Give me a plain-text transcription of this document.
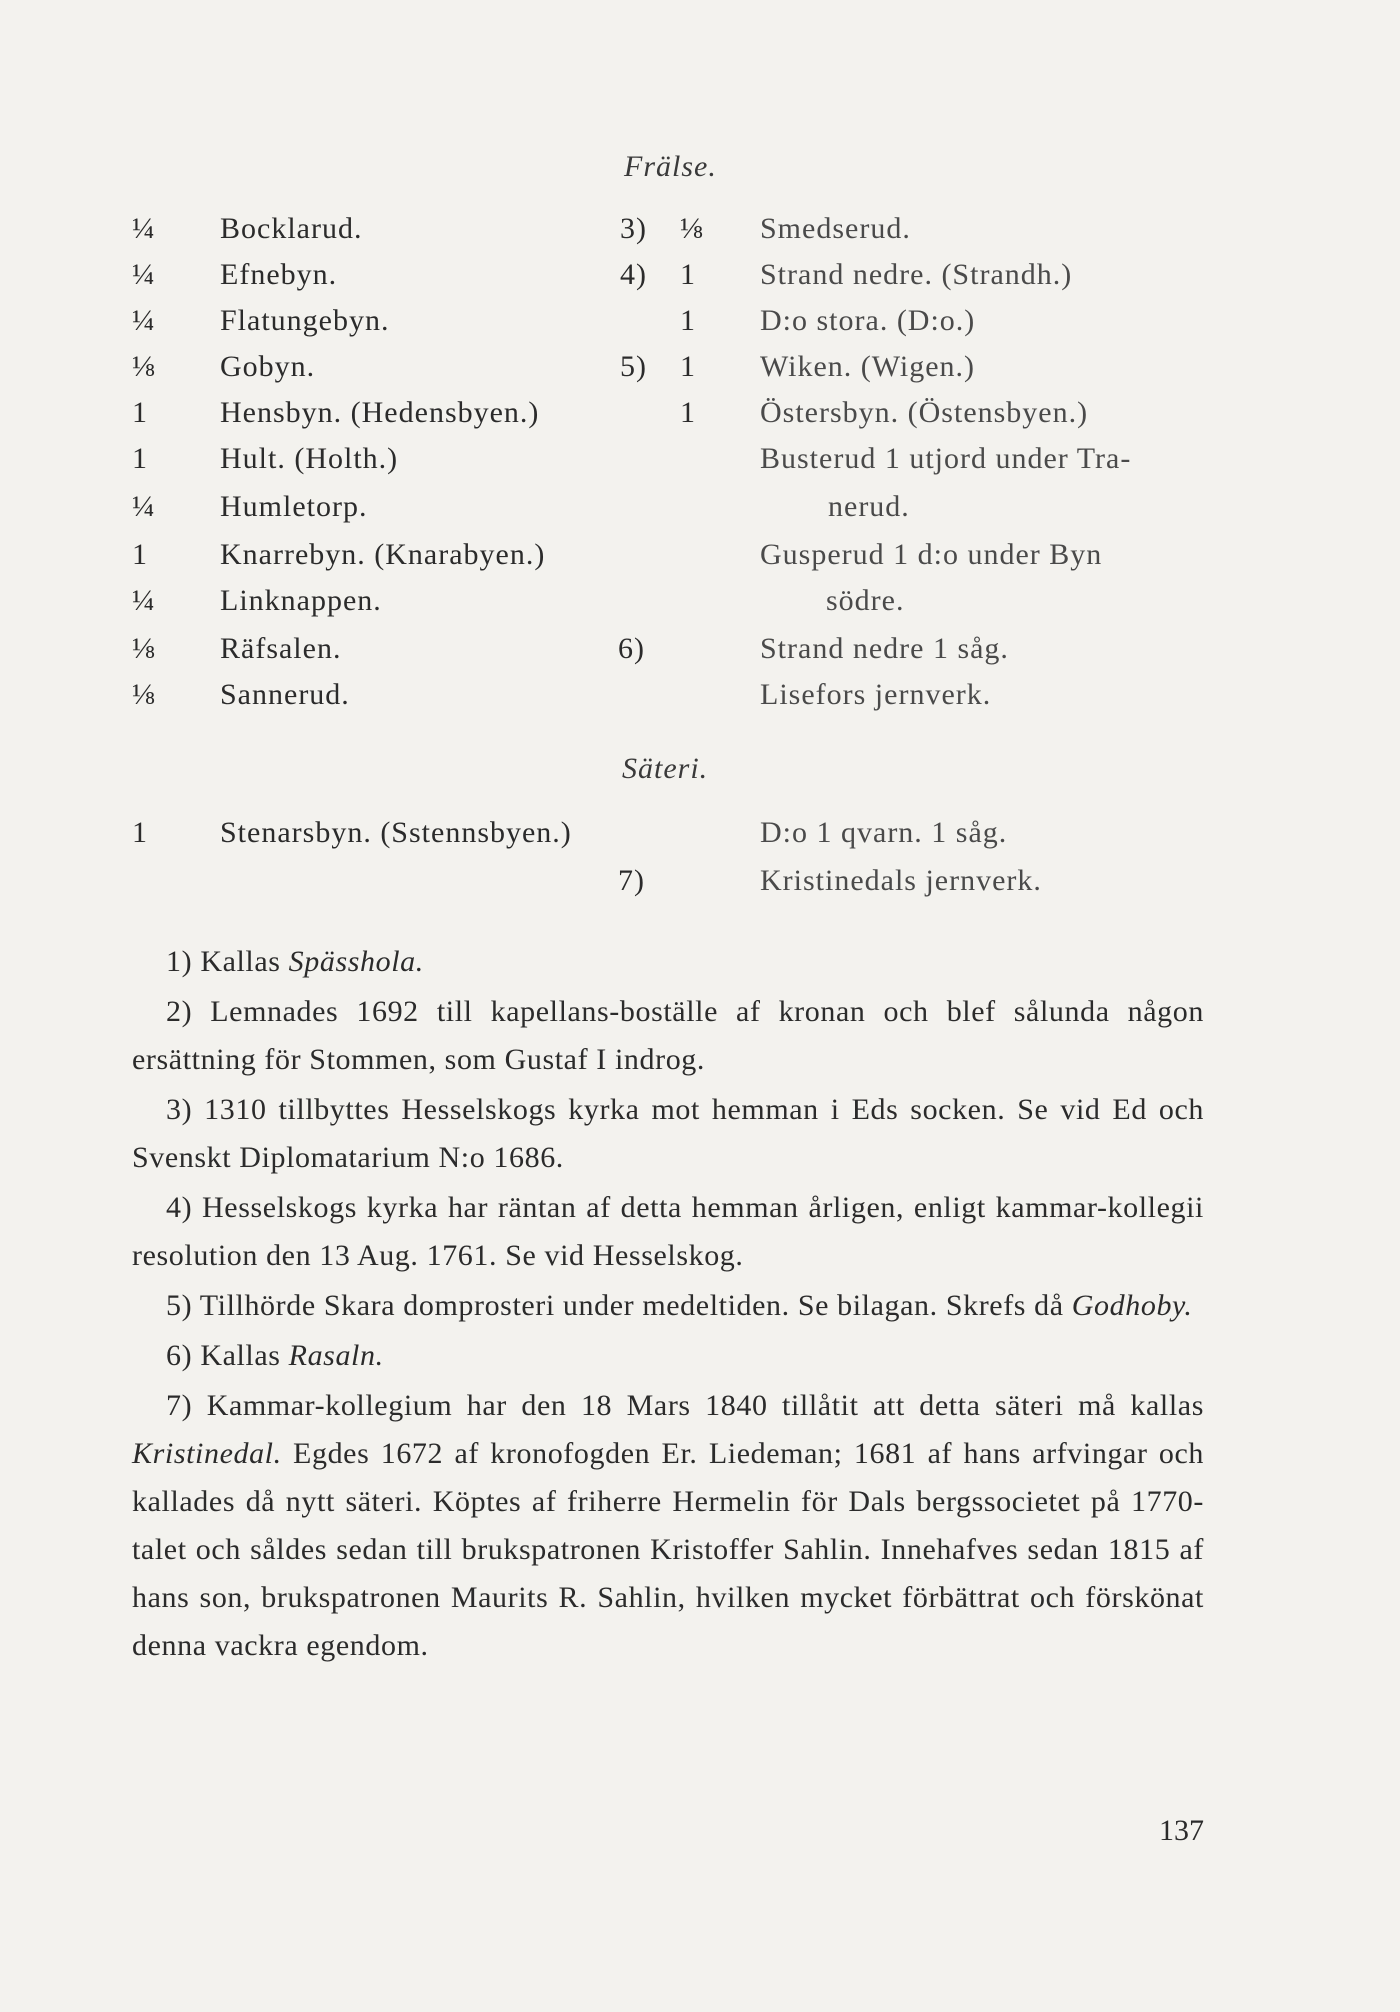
Frälse.
¼ Bocklarud.	3) ⅛ Smedserud.
¼ Efnebyn.	4) 1 Strand nedre. (Strandh.)
¼ Flatungebyn.	1 D:o stora. (D:o.)
⅛ Gobyn.	5) 1 Wiken. (Wigen.)
1 Hensbyn. (Hedensbyen.)	1 Östersbyn. (Östensbyen.)
1 Hult. (Holth.)	Busterud 1 utjord under Tra-
¼ Humletorp.	nerud.
1 Knarrebyn. (Knarabyen.)	Gusperud 1 d:o under Byn
¼ Linknappen.	södre.
⅛ Räfsalen.	6)	Strand nedre 1 såg.
⅛ Sannerud.	Lisefors jernverk.
Säteri.
1 Stenarsbyn. (Sstennsbyen.)	D:o 1 qvarn. 1 såg.
7)	Kristinedals jernverk.

1) Kallas Spässhola.

2) Lemnades 1692 till kapellans-boställe af kronan och blef sålunda någon ersättning för Stommen, som Gustaf I indrog.

3) 1310 tillbyttes Hesselskogs kyrka mot hemman i Eds socken. Se vid Ed och Svenskt Diplomatarium N:o 1686.

4) Hesselskogs kyrka har räntan af detta hemman årligen, enligt kammar-kollegii resolution den 13 Aug. 1761. Se vid Hesselskog.

5) Tillhörde Skara domprosteri under medeltiden. Se bilagan. Skrefs då Godhoby.

6) Kallas Rasaln.

7) Kammar-kollegium har den 18 Mars 1840 tillåtit att detta säteri må kallas Kristinedal. Egdes 1672 af kronofogden Er. Liedeman; 1681 af hans arfvingar och kallades då nytt säteri. Köptes af friherre Hermelin för Dals bergssocietet på 1770-talet och såldes sedan till brukspatronen Kristoffer Sahlin. Innehafves sedan 1815 af hans son, brukspatronen Maurits R. Sahlin, hvilken mycket förbättrat och förskönat denna vackra egendom.

137
